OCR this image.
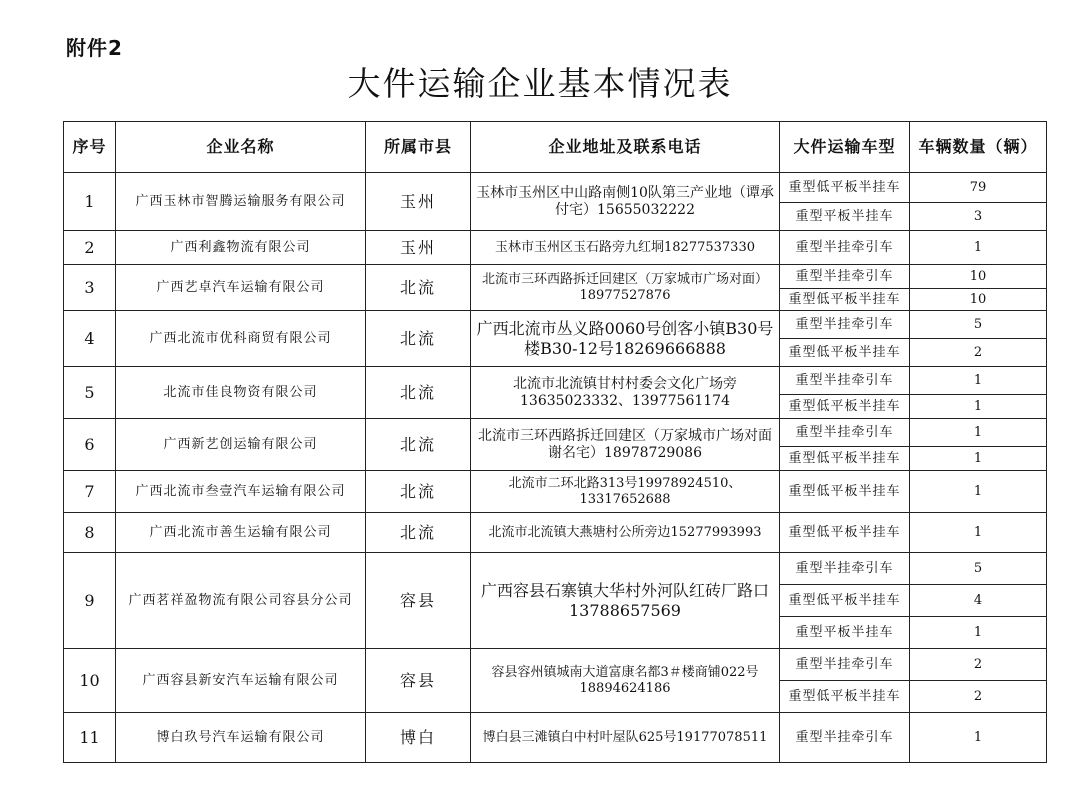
附件2
大件运输企业基本情况表
序号	企业名称	所属市县	企业地址及联系电话	大件运输车型	车辆数量（辆）
1	广西玉林市智腾运输服务有限公司	玉州	玉林市玉州区中山路南侧10队第三产业地（谭承付宅）15655032222	重型低平板半挂车	79
				重型平板半挂车	3
2	广西利鑫物流有限公司	玉州	玉林市玉州区玉石路旁九红垌18277537330	重型半挂牵引车	1
3	广西艺卓汽车运输有限公司	北流	北流市三环西路拆迁回建区（万家城市广场对面）18977527876	重型半挂牵引车	10
				重型低平板半挂车	10
4	广西北流市优科商贸有限公司	北流	广西北流市丛义路0060号创客小镇B30号楼B30-12号18269666888	重型半挂牵引车	5
				重型低平板半挂车	2
5	北流市佳良物资有限公司	北流	北流市北流镇甘村村委会文化广场旁13635023332、13977561174	重型半挂牵引车	1
				重型低平板半挂车	1
6	广西新艺创运输有限公司	北流	北流市三环西路拆迁回建区（万家城市广场对面谢名宅）18978729086	重型半挂牵引车	1
				重型低平板半挂车	1
7	广西北流市叁壹汽车运输有限公司	北流	北流市二环北路313号19978924510、13317652688	重型低平板半挂车	1
8	广西北流市善生运输有限公司	北流	北流市北流镇大燕塘村公所旁边15277993993	重型低平板半挂车	1
9	广西茗祥盈物流有限公司容县分公司	容县	广西容县石寨镇大华村外河队红砖厂路口13788657569	重型半挂牵引车	5
				重型低平板半挂车	4
				重型平板半挂车	1
10	广西容县新安汽车运输有限公司	容县	容县容州镇城南大道富康名都3＃楼商铺022号18894624186	重型半挂牵引车	2
				重型低平板半挂车	2
11	博白玖号汽车运输有限公司	博白	博白县三滩镇白中村叶屋队625号19177078511	重型半挂牵引车	1
